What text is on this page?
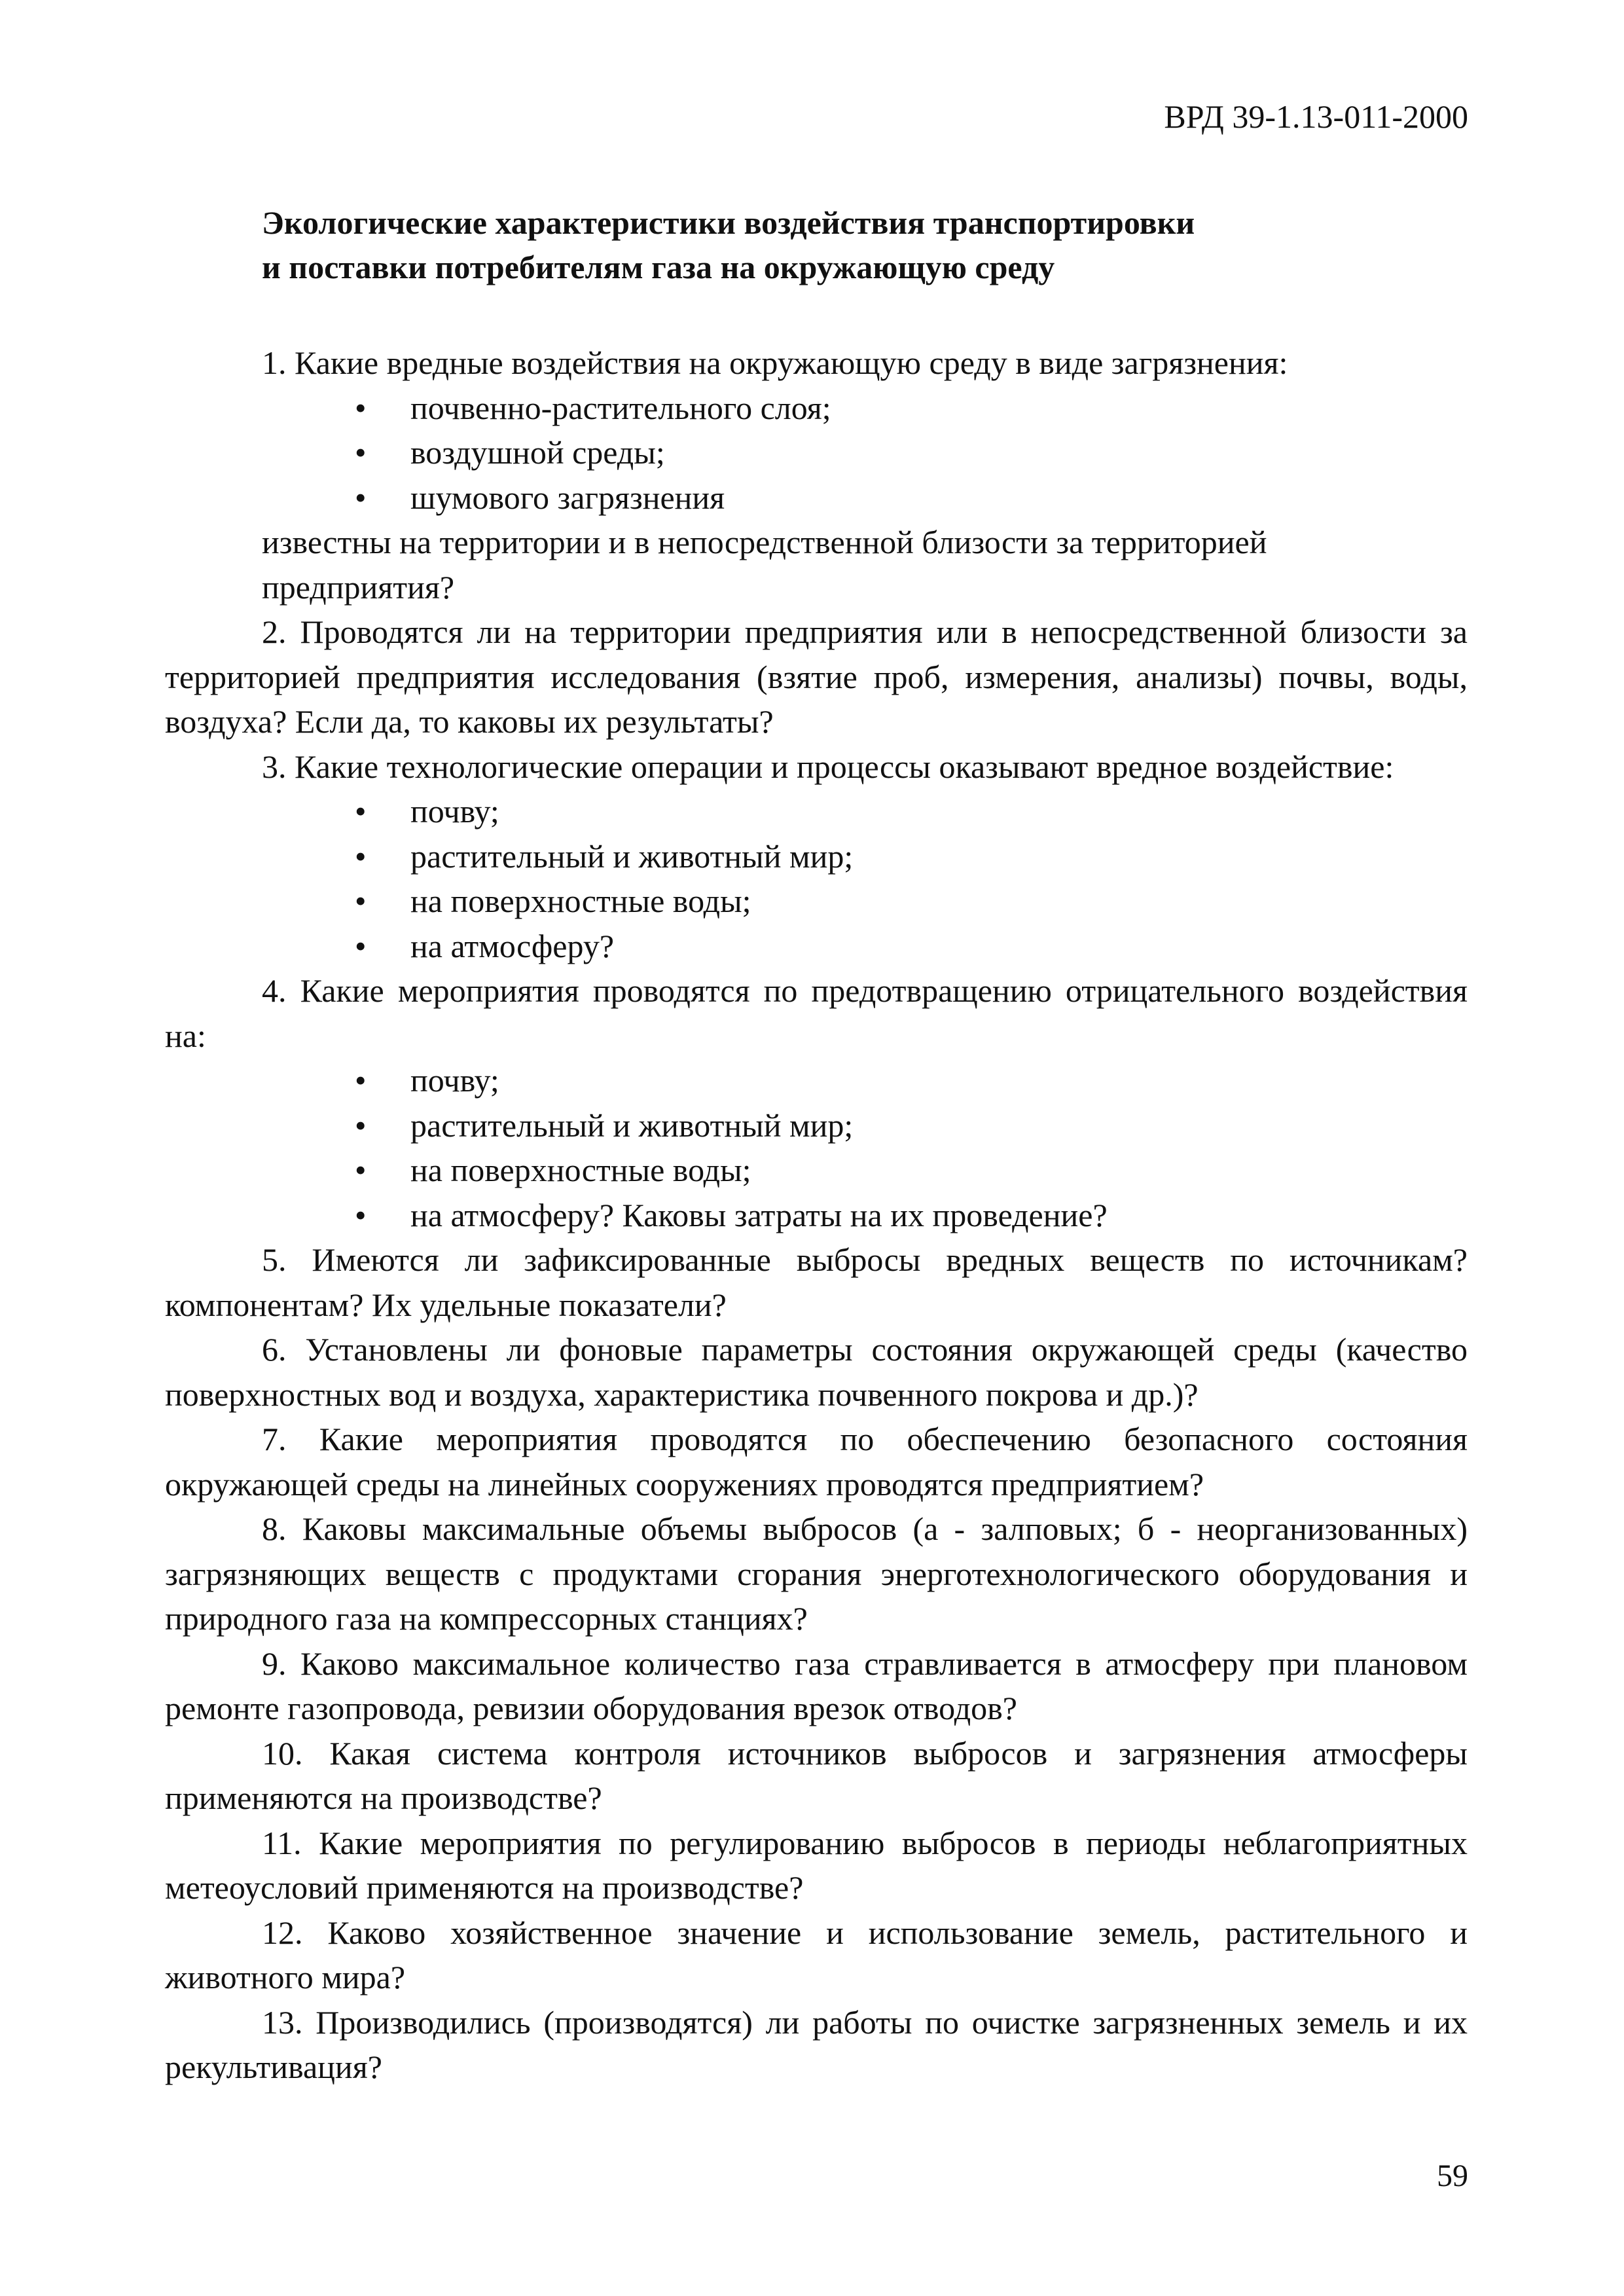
ВРД 39-1.13-011-2000
Экологические характеристики воздействия транспортировки
и поставки потребителям газа на окружающую среду

1. Какие вредные воздействия на окружающую среду в виде загрязнения:

• почвенно-растительного слоя;
• воздушной среды;
• шумового загрязнения

известны на территории и в непосредственной близости за территорией предприятия?

2. Проводятся ли на территории предприятия или в непосредственной близости за территорией предприятия исследования (взятие проб, измерения, анализы) почвы, воды, воздуха? Если да, то каковы их результаты?

3. Какие технологические операции и процессы оказывают вредное воздействие:

• почву;
• растительный и животный мир;
• на поверхностные воды;
• на атмосферу?

4. Какие мероприятия проводятся по предотвращению отрицательного воздействия на:

• почву;
• растительный и животный мир;
• на поверхностные воды;
• на атмосферу? Каковы затраты на их проведение?

5. Имеются ли зафиксированные выбросы вредных веществ по источникам? компонентам? Их удельные показатели?

6. Установлены ли фоновые параметры состояния окружающей среды (качество поверхностных вод и воздуха, характеристика почвенного покрова и др.)?

7. Какие мероприятия проводятся по обеспечению безопасного состояния окружающей среды на линейных сооружениях проводятся предприятием?

8. Каковы максимальные объемы выбросов (а - залповых; б - неорганизованных) загрязняющих веществ с продуктами сгорания энерготехнологического оборудования и природного газа на компрессорных станциях?

9. Каково максимальное количество газа стравливается в атмосферу при плановом ремонте газопровода, ревизии оборудования врезок отводов?

10. Какая система контроля источников выбросов и загрязнения атмосферы применяются на производстве?

11. Какие мероприятия по регулированию выбросов в периоды неблагоприятных метеоусловий применяются на производстве?

12. Каково хозяйственное значение и использование земель, растительного и животного мира?

13. Производились (производятся) ли работы по очистке загрязненных земель и их рекультивация?

59
